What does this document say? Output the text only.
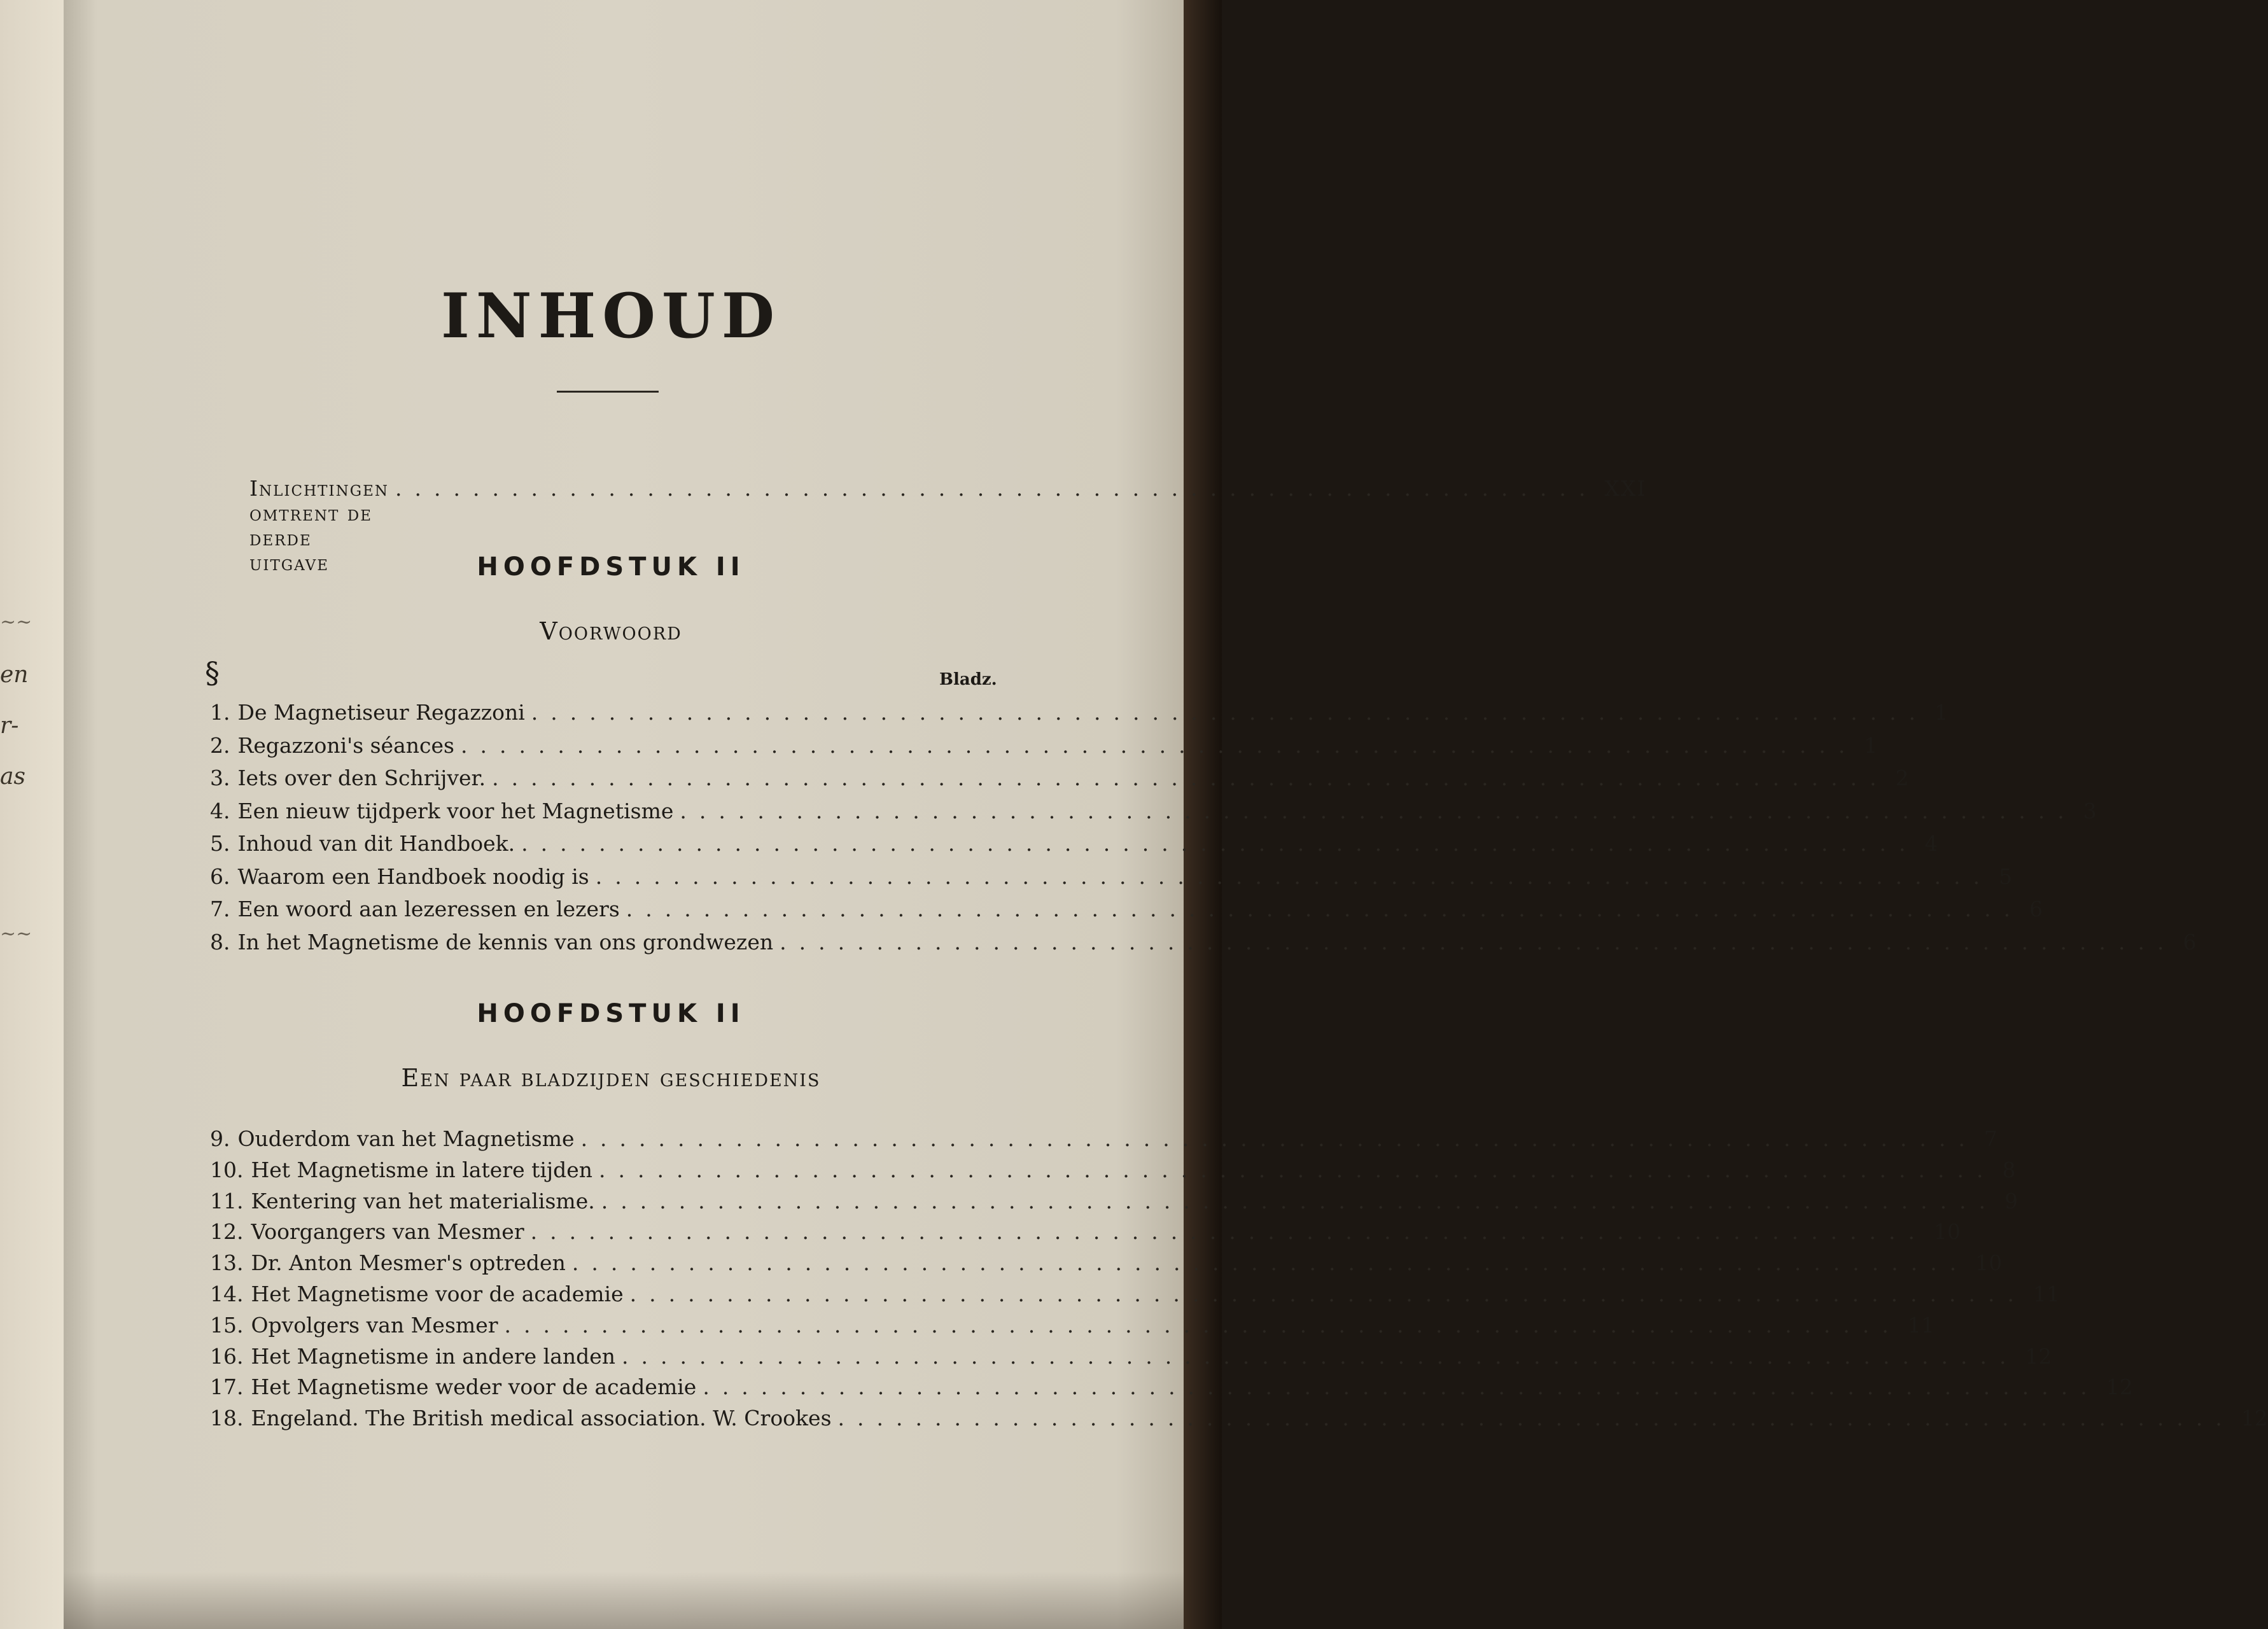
~~
en
r-
as
~~
INHOUD
Inlichtingen omtrent de derde uitgave
.............................................................. XXI
HOOFDSTUK II
Voorwoord
§	Bladz.
1. De Magnetiseur Regazzoni ........................................................................ 1
2. Regazzoni's séances ........................................................................ 1
3. Iets over den Schrijver. ........................................................................ 2
4. Een nieuw tijdperk voor het Magnetisme ........................................................................ 3
5. Inhoud van dit Handboek. ........................................................................ 4
6. Waarom een Handboek noodig is ........................................................................ 5
7. Een woord aan lezeressen en lezers ........................................................................ 6
8. In het Magnetisme de kennis van ons grondwezen ........................................................................ 6
HOOFDSTUK II
Een paar bladzijden geschiedenis
9. Ouderdom van het Magnetisme ........................................................................ 7
10. Het Magnetisme in latere tijden ........................................................................ 8
11. Kentering van het materialisme. ........................................................................ 9
12. Voorgangers van Mesmer ........................................................................ 10
13. Dr. Anton Mesmer's optreden ........................................................................ 10
14. Het Magnetisme voor de academie ........................................................................ 11
15. Opvolgers van Mesmer ........................................................................ 11
16. Het Magnetisme in andere landen ........................................................................ 12
17. Het Magnetisme weder voor de academie ........................................................................ 12
18. Engeland. The British medical association. W. Crookes ........................................................................ 12
